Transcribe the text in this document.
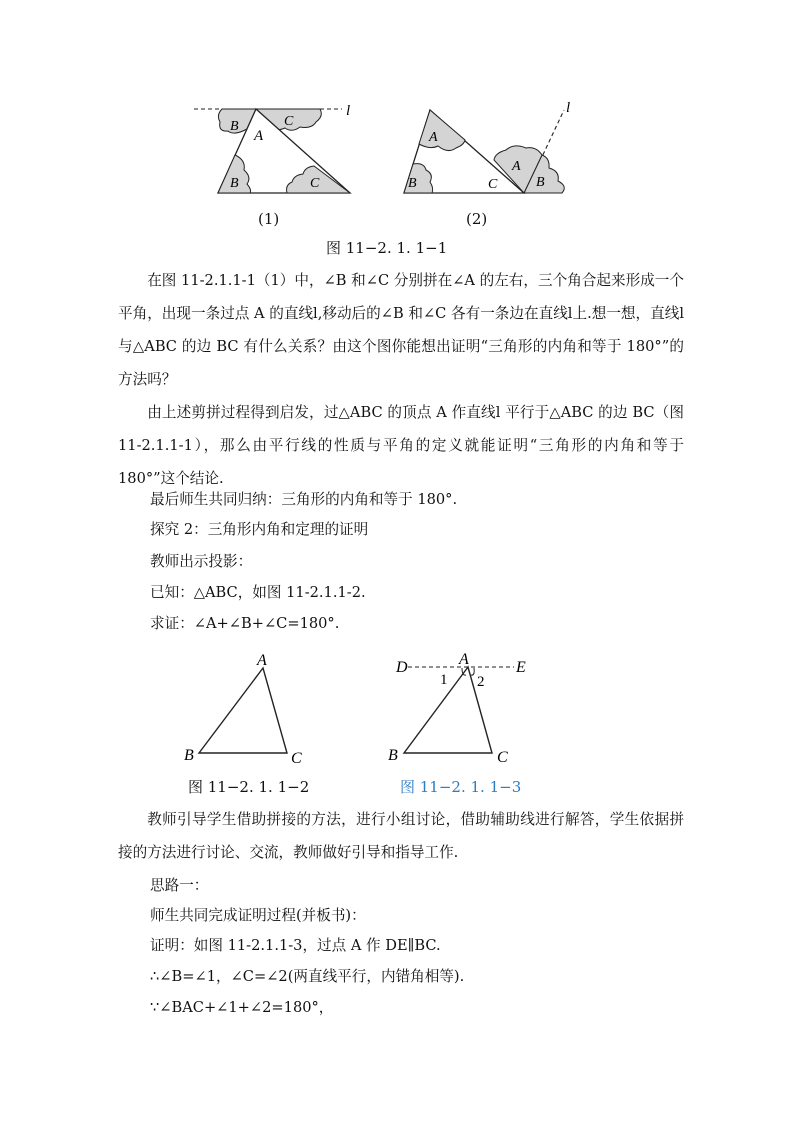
l
A
B	C
B	C
l
A
B	C
A
B
(1)	(2)
图 11−2. 1. 1−1

在图 11-2.1.1-1（1）中，∠B 和∠C 分别拼在∠A 的左右，三个角合起来形成一个平角，出现一条过点 A 的直线l,移动后的∠B 和∠C 各有一条边在直线l上.想一想，直线l与△ABC 的边 BC 有什么关系？由这个图你能想出证明“三角形的内角和等于 180°”的方法吗？

由上述剪拼过程得到启发，过△ABC 的顶点 A 作直线l 平行于△ABC 的边 BC（图 11-2.1.1-1），那么由平行线的性质与平角的定义就能证明“三角形的内角和等于 180°”这个结论.

最后师生共同归纳：三角形的内角和等于 180°.
探究 2：三角形内角和定理的证明
教师出示投影：
已知：△ABC，如图 11-2.1.1-2.
求证：∠A+∠B+∠C=180°.
A
B	C
图 11−2. 1. 1−2
D	A	E
1 2
B	C
图 11−2. 1. 1−3

教师引导学生借助拼接的方法，进行小组讨论，借助辅助线进行解答，学生依据拼接的方法进行讨论、交流，教师做好引导和指导工作.

思路一：
师生共同完成证明过程(并板书)：
证明：如图 11-2.1.1-3，过点 A 作 DE∥BC.
∴∠B=∠1，∠C=∠2(两直线平行，内错角相等).
∵∠BAC+∠1+∠2=180°，
